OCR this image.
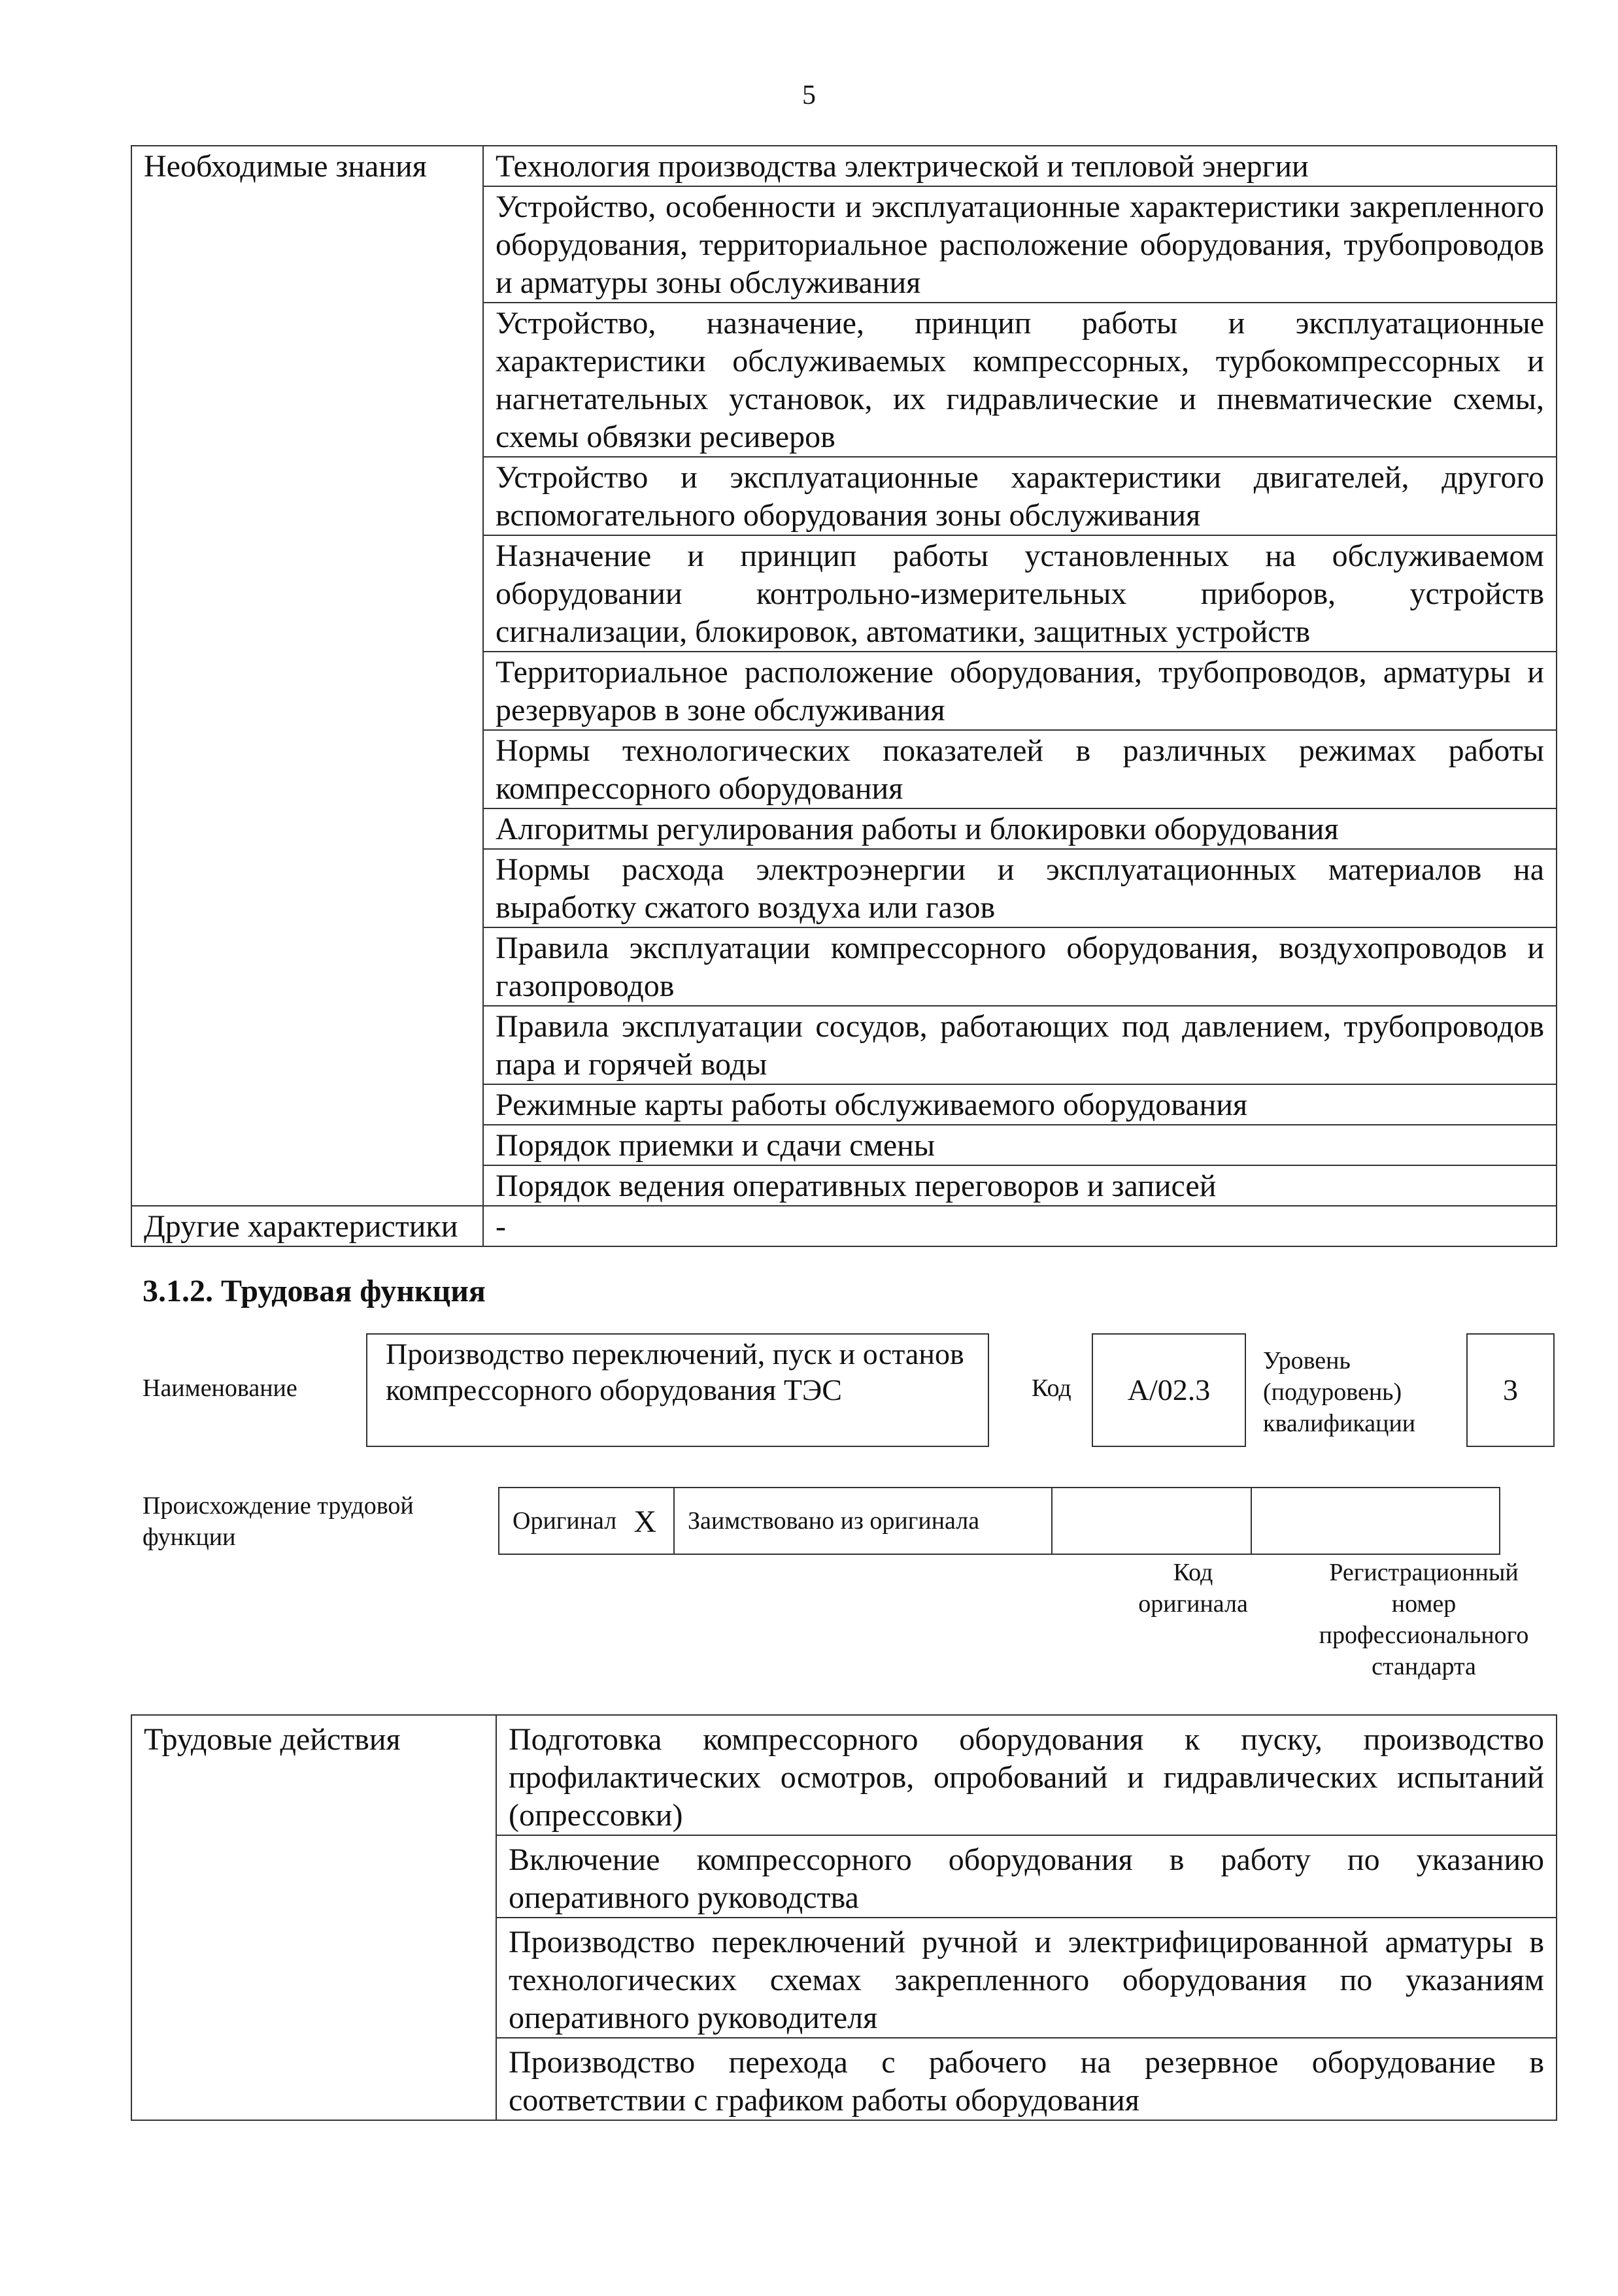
5
Необходимые знания	Технология производства электрической и тепловой энергии
	Устройство, особенности и эксплуатационные характеристики закрепленного оборудования, территориальное расположение оборудования, трубопроводов и арматуры зоны обслуживания
	Устройство, назначение, принцип работы и эксплуатационные характеристики обслуживаемых компрессорных, турбокомпрессорных и нагнетательных установок, их гидравлические и пневматические схемы, схемы обвязки ресиверов
	Устройство и эксплуатационные характеристики двигателей, другого вспомогательного оборудования зоны обслуживания
	Назначение и принцип работы установленных на обслуживаемом оборудовании контрольно-измерительных приборов, устройств сигнализации, блокировок, автоматики, защитных устройств
	Территориальное расположение оборудования, трубопроводов, арматуры и резервуаров в зоне обслуживания
	Нормы технологических показателей в различных режимах работы компрессорного оборудования
	Алгоритмы регулирования работы и блокировки оборудования
	Нормы расхода электроэнергии и эксплуатационных материалов на выработку сжатого воздуха или газов
	Правила эксплуатации компрессорного оборудования, воздухопроводов и газопроводов
	Правила эксплуатации сосудов, работающих под давлением, трубопроводов пара и горячей воды
	Режимные карты работы обслуживаемого оборудования
	Порядок приемки и сдачи смены
	Порядок ведения оперативных переговоров и записей
Другие характеристики	-
3.1.2. Трудовая функция
Наименование
Производство переключений, пуск и останов компрессорного оборудования ТЭС	Код	A/02.3
Уровень
(подуровень)
квалификации
3
Происхождение трудовой
функции
Оригинал X	Заимствовано из оригинала		
Код
оригинала
Регистрационный
номер
профессионального
стандарта
Трудовые действия	Подготовка компрессорного оборудования к пуску, производство профилактических осмотров, опробований и гидравлических испытаний (опрессовки)
Включение компрессорного оборудования в работу по указанию оперативного руководства
Производство переключений ручной и электрифицированной арматуры в технологических схемах закрепленного оборудования по указаниям оперативного руководителя
Производство перехода с рабочего на резервное оборудование в соответствии с графиком работы оборудования
